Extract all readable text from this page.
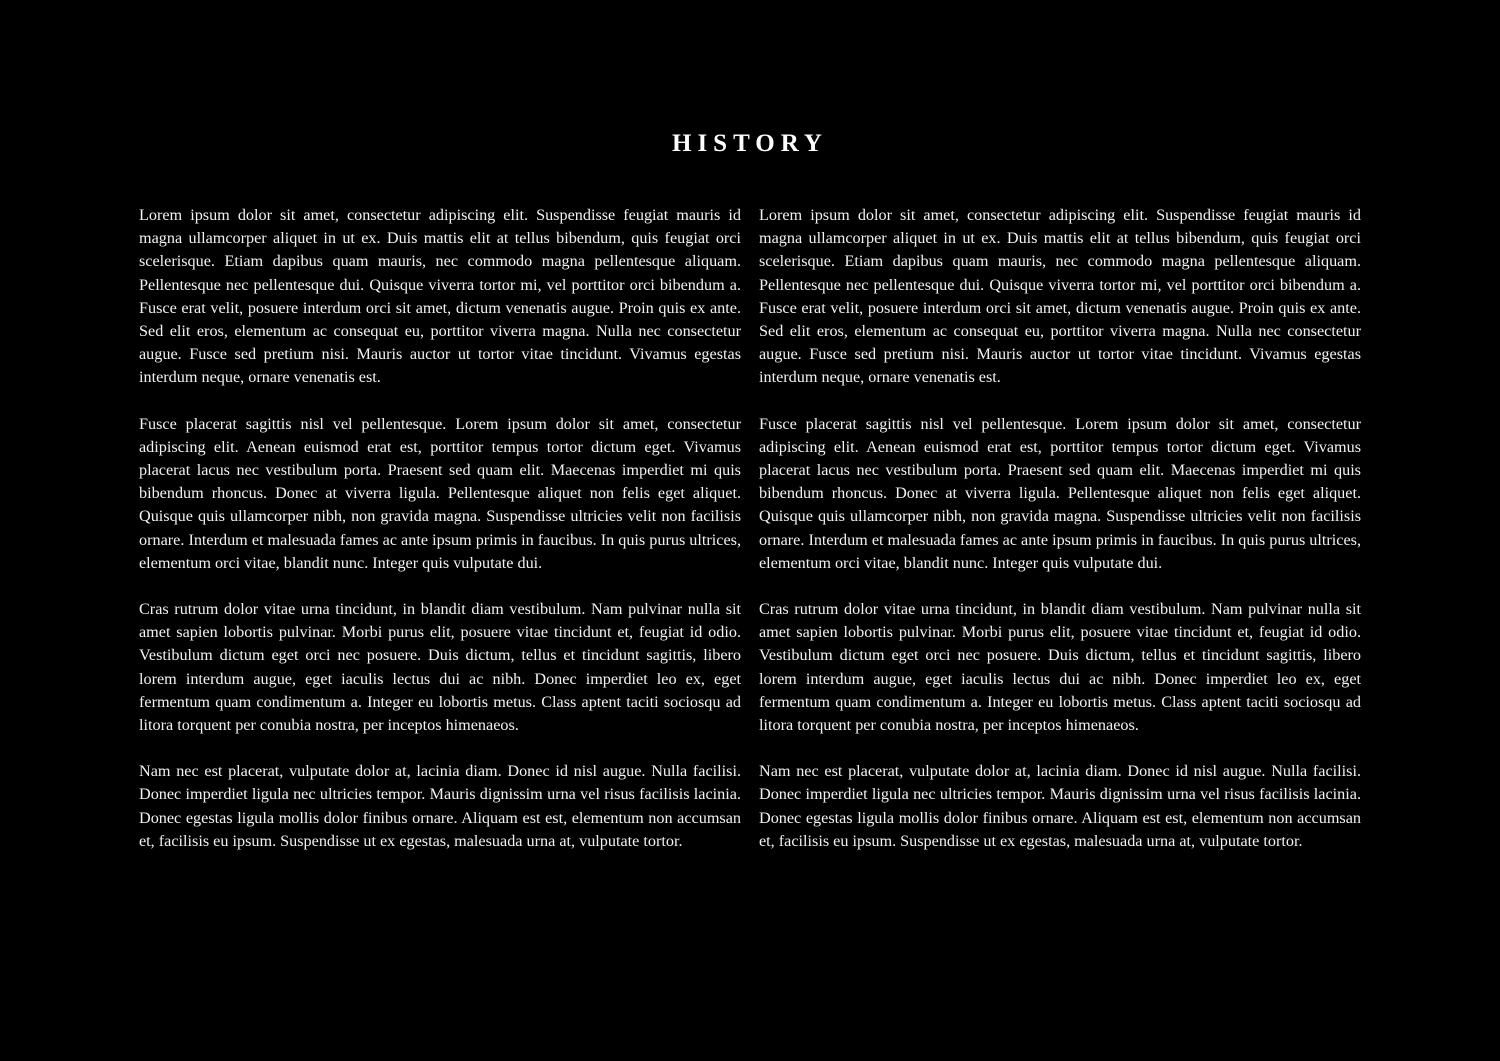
HISTORY

Lorem ipsum dolor sit amet, consectetur adipiscing elit. Suspendisse feugiat mauris id magna ullamcorper aliquet in ut ex. Duis mattis elit at tellus bibendum, quis feugiat orci scelerisque. Etiam dapibus quam mauris, nec commodo magna pellentesque aliquam. Pellentesque nec pellentesque dui. Quisque viverra tortor mi, vel porttitor orci bibendum a. Fusce erat velit, posuere interdum orci sit amet, dictum venenatis augue. Proin quis ex ante. Sed elit eros, elementum ac consequat eu, porttitor viverra magna. Nulla nec consectetur augue. Fusce sed pretium nisi. Mauris auctor ut tortor vitae tincidunt. Vivamus egestas interdum neque, ornare venenatis est.

Fusce placerat sagittis nisl vel pellentesque. Lorem ipsum dolor sit amet, consectetur adipiscing elit. Aenean euismod erat est, porttitor tempus tortor dictum eget. Vivamus placerat lacus nec vestibulum porta. Praesent sed quam elit. Maecenas imperdiet mi quis bibendum rhoncus. Donec at viverra ligula. Pellentesque aliquet non felis eget aliquet. Quisque quis ullamcorper nibh, non gravida magna. Suspendisse ultricies velit non facilisis ornare. Interdum et malesuada fames ac ante ipsum primis in faucibus. In quis purus ultrices, elementum orci vitae, blandit nunc. Integer quis vulputate dui.

Cras rutrum dolor vitae urna tincidunt, in blandit diam vestibulum. Nam pulvinar nulla sit amet sapien lobortis pulvinar. Morbi purus elit, posuere vitae tincidunt et, feugiat id odio. Vestibulum dictum eget orci nec posuere. Duis dictum, tellus et tincidunt sagittis, libero lorem interdum augue, eget iaculis lectus dui ac nibh. Donec imperdiet leo ex, eget fermentum quam condimentum a. Integer eu lobortis metus. Class aptent taciti sociosqu ad litora torquent per conubia nostra, per inceptos himenaeos.

Nam nec est placerat, vulputate dolor at, lacinia diam. Donec id nisl augue. Nulla facilisi. Donec imperdiet ligula nec ultricies tempor. Mauris dignissim urna vel risus facilisis lacinia. Donec egestas ligula mollis dolor finibus ornare. Aliquam est est, elementum non accumsan et, facilisis eu ipsum. Suspendisse ut ex egestas, malesuada urna at, vulputate tortor.

Lorem ipsum dolor sit amet, consectetur adipiscing elit. Suspendisse feugiat mauris id magna ullamcorper aliquet in ut ex. Duis mattis elit at tellus bibendum, quis feugiat orci scelerisque. Etiam dapibus quam mauris, nec commodo magna pellentesque aliquam. Pellentesque nec pellentesque dui. Quisque viverra tortor mi, vel porttitor orci bibendum a. Fusce erat velit, posuere interdum orci sit amet, dictum venenatis augue. Proin quis ex ante. Sed elit eros, elementum ac consequat eu, porttitor viverra magna. Nulla nec consectetur augue. Fusce sed pretium nisi. Mauris auctor ut tortor vitae tincidunt. Vivamus egestas interdum neque, ornare venenatis est.

Fusce placerat sagittis nisl vel pellentesque. Lorem ipsum dolor sit amet, consectetur adipiscing elit. Aenean euismod erat est, porttitor tempus tortor dictum eget. Vivamus placerat lacus nec vestibulum porta. Praesent sed quam elit. Maecenas imperdiet mi quis bibendum rhoncus. Donec at viverra ligula. Pellentesque aliquet non felis eget aliquet. Quisque quis ullamcorper nibh, non gravida magna. Suspendisse ultricies velit non facilisis ornare. Interdum et malesuada fames ac ante ipsum primis in faucibus. In quis purus ultrices, elementum orci vitae, blandit nunc. Integer quis vulputate dui.

Cras rutrum dolor vitae urna tincidunt, in blandit diam vestibulum. Nam pulvinar nulla sit amet sapien lobortis pulvinar. Morbi purus elit, posuere vitae tincidunt et, feugiat id odio. Vestibulum dictum eget orci nec posuere. Duis dictum, tellus et tincidunt sagittis, libero lorem interdum augue, eget iaculis lectus dui ac nibh. Donec imperdiet leo ex, eget fermentum quam condimentum a. Integer eu lobortis metus. Class aptent taciti sociosqu ad litora torquent per conubia nostra, per inceptos himenaeos.

Nam nec est placerat, vulputate dolor at, lacinia diam. Donec id nisl augue. Nulla facilisi. Donec imperdiet ligula nec ultricies tempor. Mauris dignissim urna vel risus facilisis lacinia. Donec egestas ligula mollis dolor finibus ornare. Aliquam est est, elementum non accumsan et, facilisis eu ipsum. Suspendisse ut ex egestas, malesuada urna at, vulputate tortor.
